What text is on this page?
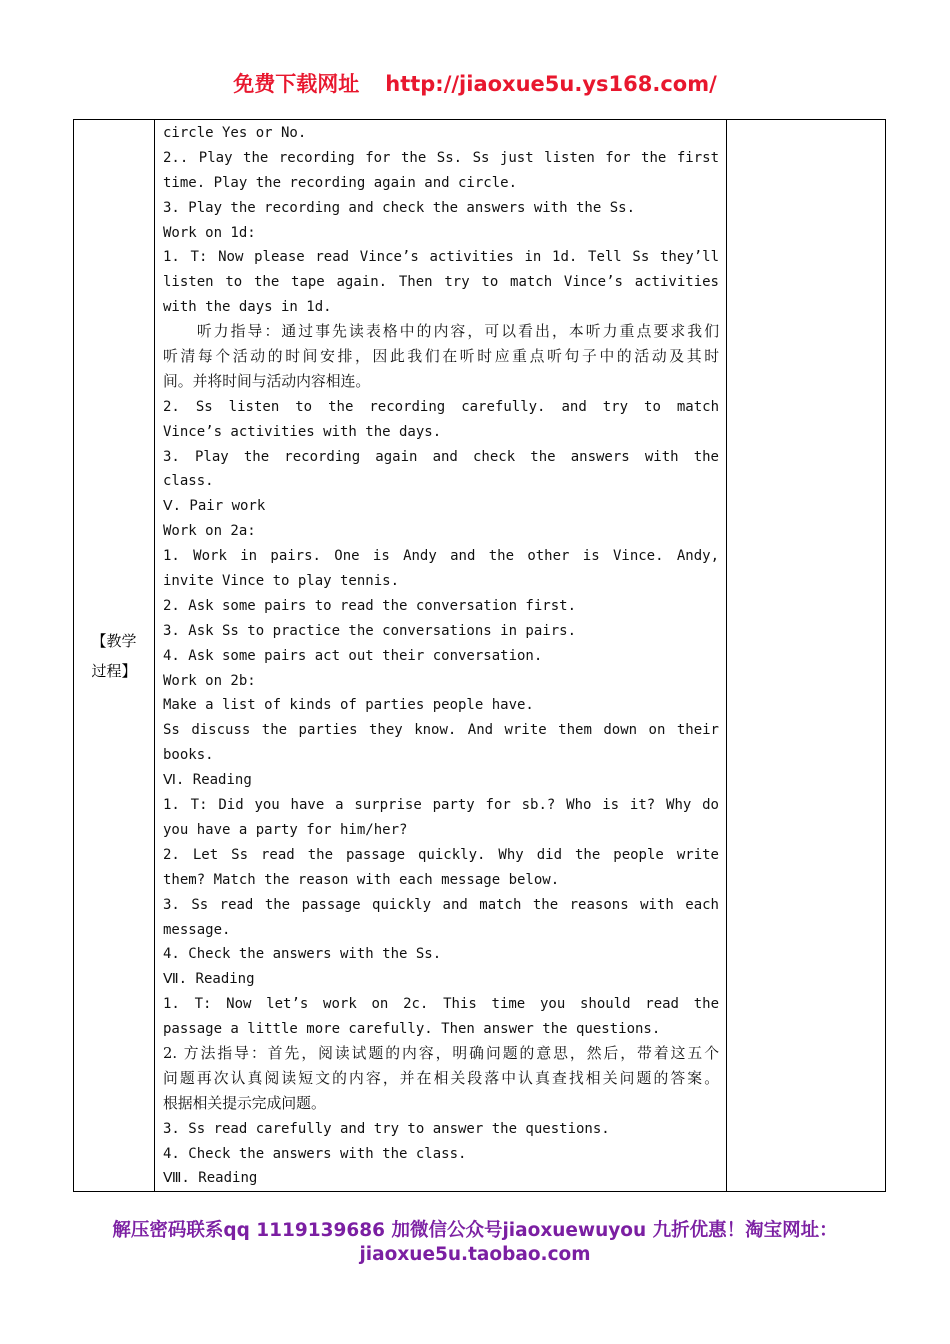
免费下载网址 http://jiaoxue5u.ys168.com/
【教学
过程】

circle Yes or No.
2.. Play the recording for the Ss. Ss just listen for the first
time. Play the recording again and circle.
3. Play the recording and check the answers with the Ss.
Work on 1d:
1. T: Now please read Vince’s activities in 1d. Tell Ss they’ll
listen to the tape again. Then try to match Vince’s activities
with the days in 1d.
　　听力指导：通过事先读表格中的内容，可以看出，本听力重点要求我们
听清每个活动的时间安排，因此我们在听时应重点听句子中的活动及其时
间。并将时间与活动内容相连。
2. Ss listen to the recording carefully. and try to match
Vince’s activities with the days.
3. Play the recording again and check the answers with the
class.
Ⅴ. Pair work
Work on 2a:
1. Work in pairs. One is Andy and the other is Vince. Andy,
invite Vince to play tennis.
2. Ask some pairs to read the conversation first.
3. Ask Ss to practice the conversations in pairs.
4. Ask some pairs act out their conversation.
Work on 2b:
Make a list of kinds of parties people have.
Ss discuss the parties they know. And write them down on their
books.
Ⅵ. Reading
1. T: Did you have a surprise party for sb.? Who is it? Why do
you have a party for him/her?
2. Let Ss read the passage quickly. Why did the people write
them? Match the reason with each message below.
3. Ss read the passage quickly and match the reasons with each
message.
4. Check the answers with the Ss.
Ⅶ. Reading
1. T: Now let’s work on 2c. This time you should read the
passage a little more carefully. Then answer the questions.
2. 方法指导：首先，阅读试题的内容，明确问题的意思，然后，带着这五个
问题再次认真阅读短文的内容，并在相关段落中认真查找相关问题的答案。
根据相关提示完成问题。
3. Ss read carefully and try to answer the questions.
4. Check the answers with the class.
Ⅷ. Reading

解压密码联系qq 1119139686 加微信公众号jiaoxuewuyou 九折优惠！淘宝网址：
jiaoxue5u.taobao.com
